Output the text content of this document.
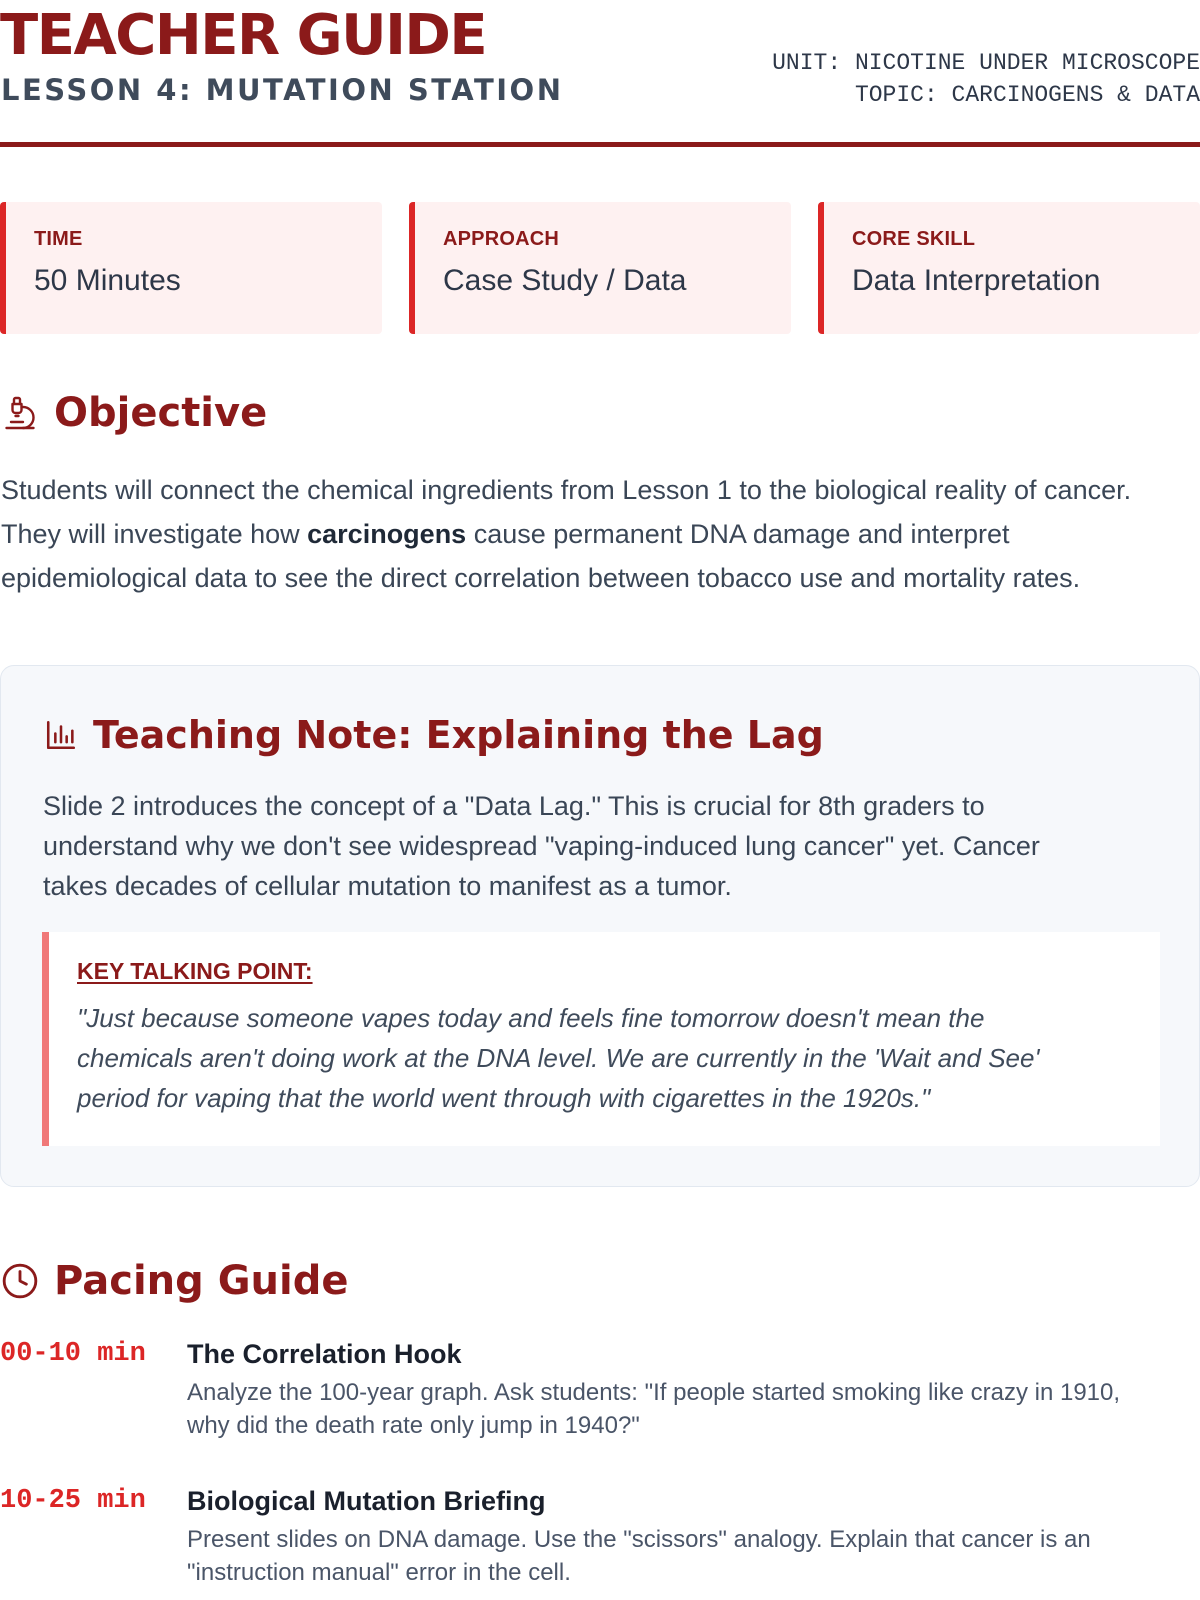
TEACHER GUIDE
LESSON 4: MUTATION STATION
UNIT: NICOTINE UNDER MICROSCOPE
TOPIC: CARCINOGENS & DATA
TIME
50 Minutes
APPROACH
Case Study / Data
CORE SKILL
Data Interpretation
Objective
Students will connect the chemical ingredients from Lesson 1 to the biological reality of cancer.
They will investigate how carcinogens cause permanent DNA damage and interpret
epidemiological data to see the direct correlation between tobacco use and mortality rates.
Teaching Note: Explaining the Lag
Slide 2 introduces the concept of a "Data Lag." This is crucial for 8th graders to
understand why we don't see widespread "vaping-induced lung cancer" yet. Cancer
takes decades of cellular mutation to manifest as a tumor.
KEY TALKING POINT:
"Just because someone vapes today and feels fine tomorrow doesn't mean the
chemicals aren't doing work at the DNA level. We are currently in the 'Wait and See'
period for vaping that the world went through with cigarettes in the 1920s."
Pacing Guide
00-10 min The Correlation Hook
Analyze the 100-year graph. Ask students: "If people started smoking like crazy in 1910,
why did the death rate only jump in 1940?"
10-25 min Biological Mutation Briefing
Present slides on DNA damage. Use the "scissors" analogy. Explain that cancer is an
"instruction manual" error in the cell.
